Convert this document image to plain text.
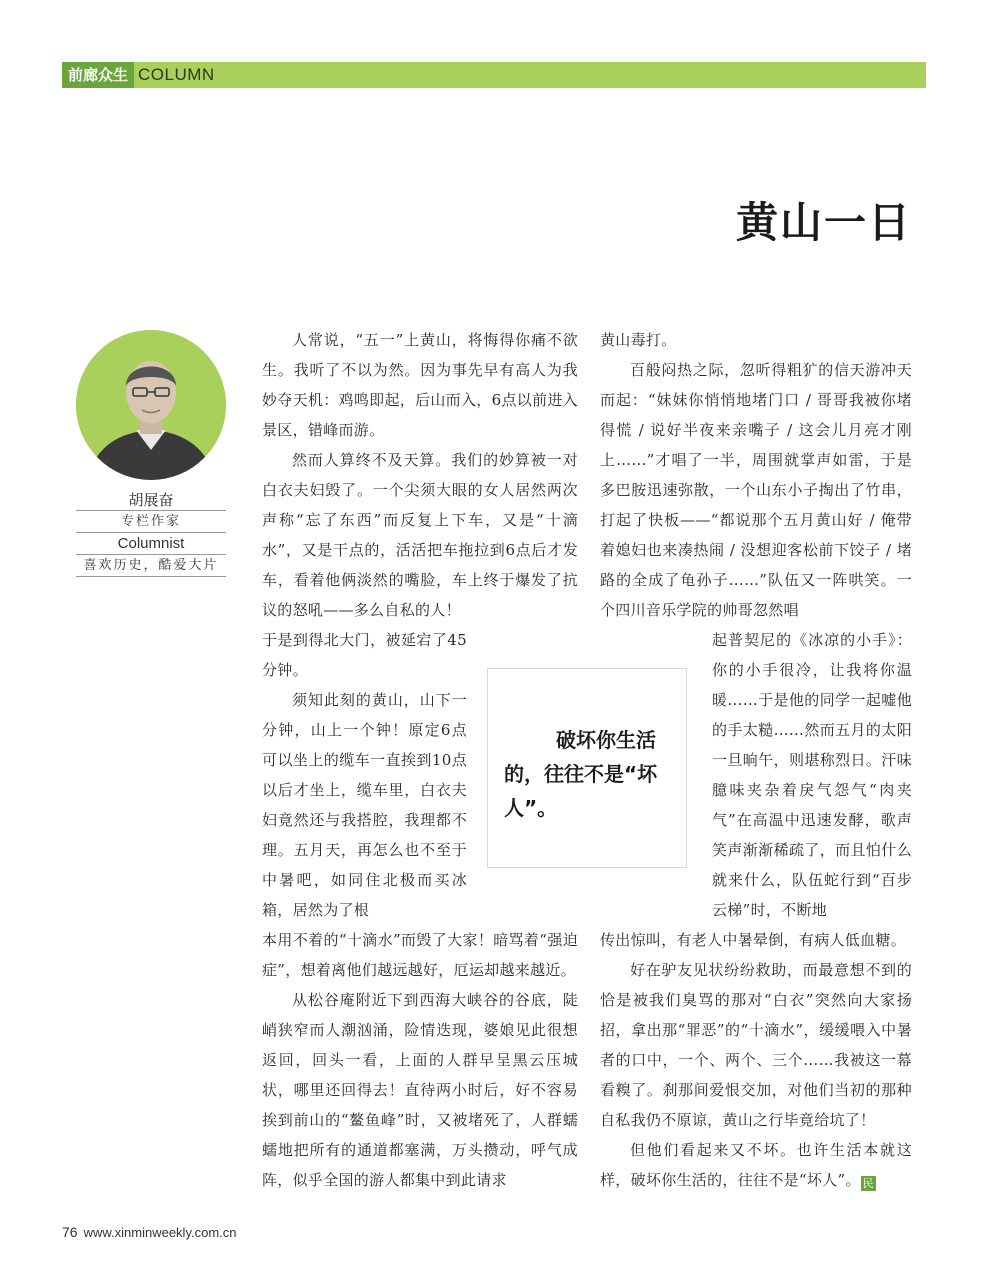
前廊众生 COLUMN
黄山一日
胡展奋
专栏作家
Columnist
喜欢历史，酷爱大片

人常说，“五一”上黄山，将悔得你痛不欲生。我听了不以为然。因为事先早有高人为我妙夺天机：鸡鸣即起，后山而入，6点以前进入景区，错峰而游。

然而人算终不及天算。我们的妙算被一对白衣夫妇毁了。一个尖须大眼的女人居然两次声称“忘了东西”而反复上下车，又是“十滴水”，又是干点的，活活把车拖拉到6点后才发车，看着他俩淡然的嘴脸，车上终于爆发了抗议的怒吼——多么自私的人！

于是到得北大门，被延宕了45分钟。

须知此刻的黄山，山下一分钟，山上一个钟！原定6点可以坐上的缆车一直挨到10点以后才坐上，缆车里，白衣夫妇竟然还与我搭腔，我理都不理。五月天，再怎么也不至于中暑吧，如同住北极而买冰箱，居然为了根

本用不着的“十滴水”而毁了大家！暗骂着“强迫症”，想着离他们越远越好，厄运却越来越近。

从松谷庵附近下到西海大峡谷的谷底，陡峭狭窄而人潮汹涌，险情迭现，婆娘见此很想返回，回头一看，上面的人群早呈黑云压城状，哪里还回得去！直待两小时后，好不容易挨到前山的“鳌鱼峰”时，又被堵死了，人群蠕蠕地把所有的通道都塞满，万头攒动，呼气成阵，似乎全国的游人都集中到此请求

黄山毒打。

百般闷热之际，忽听得粗犷的信天游冲天而起：“妹妹你悄悄地堵门口 / 哥哥我被你堵得慌 / 说好半夜来亲嘴子 / 这会儿月亮才刚上……”才唱了一半，周围就掌声如雷，于是多巴胺迅速弥散，一个山东小子掏出了竹串，打起了快板——“都说那个五月黄山好 / 俺带着媳妇也来凑热闹 / 没想迎客松前下饺子 / 堵路的全成了龟孙子……”队伍又一阵哄笑。一个四川音乐学院的帅哥忽然唱

起普契尼的《冰凉的小手》：你的小手很冷，让我将你温暖……于是他的同学一起嘘他的手太糙……然而五月的太阳一旦晌午，则堪称烈日。汗味臆味夹杂着戾气怨气“肉夹气”在高温中迅速发酵，歌声笑声渐渐稀疏了，而且怕什么就来什么，队伍蛇行到“百步云梯”时，不断地

传出惊叫，有老人中暑晕倒，有病人低血糖。

好在驴友见状纷纷救助，而最意想不到的恰是被我们臭骂的那对“白衣”突然向大家扬招，拿出那“罪恶”的“十滴水”，缓缓喂入中暑者的口中，一个、两个、三个……我被这一幕看糗了。刹那间爱恨交加，对他们当初的那种自私我仍不原谅，黄山之行毕竟给坑了！

但他们看起来又不坏。也许生活本就这样，破坏你生活的，往往不是“坏人”。 民

破坏你生活的，往往不是“坏人”。

76 www.xinminweekly.com.cn
